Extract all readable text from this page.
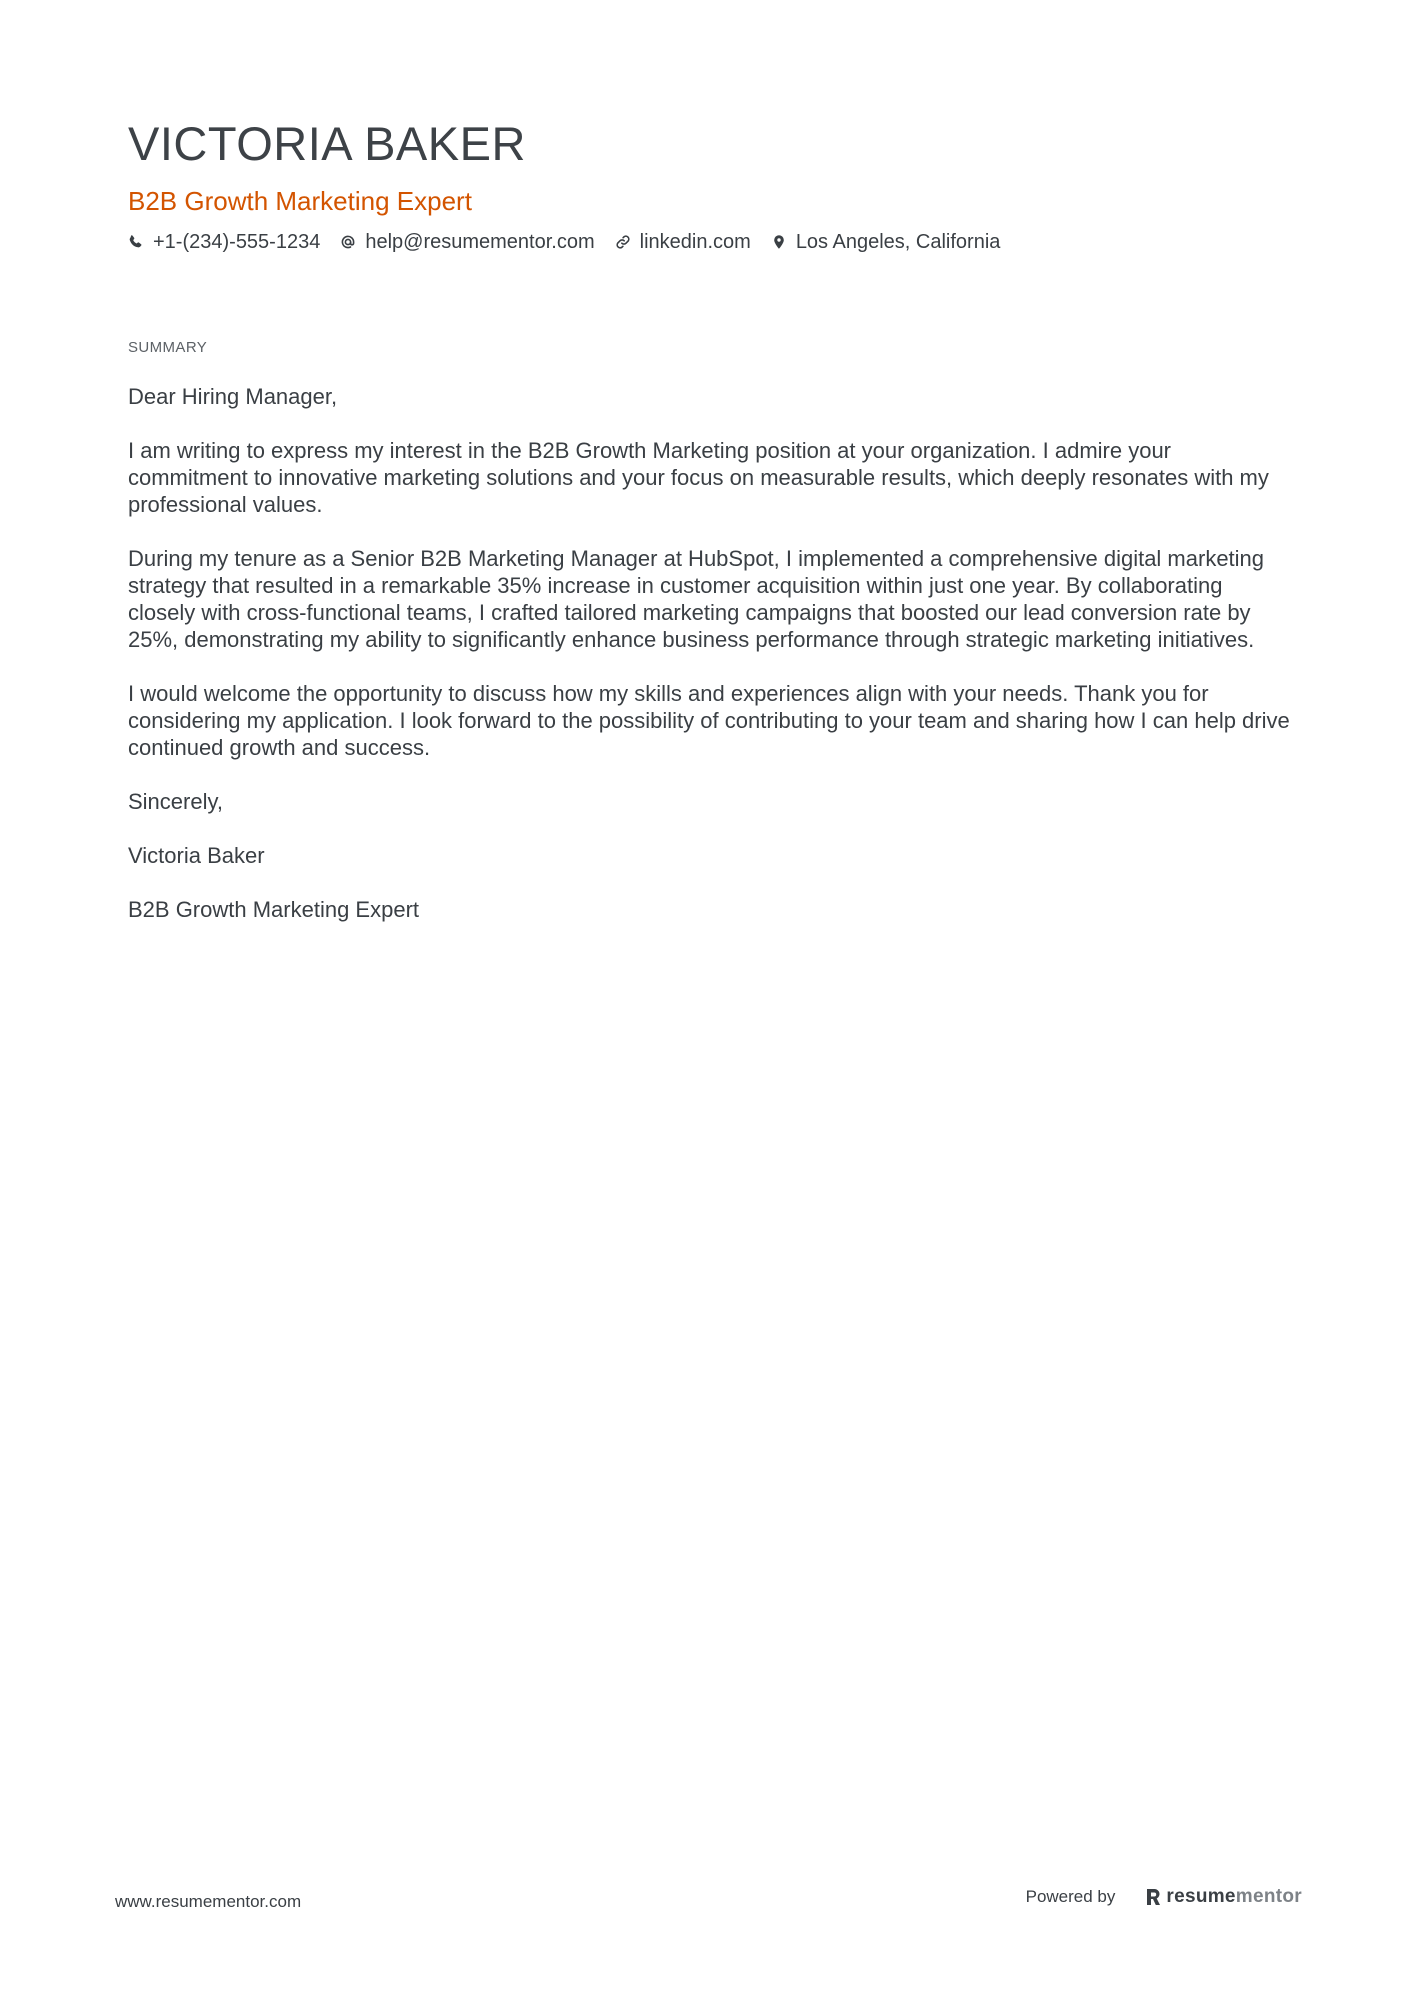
VICTORIA BAKER
B2B Growth Marketing Expert
+1-(234)-555-1234 help@resumementor.com linkedin.com Los Angeles, California
SUMMARY

Dear Hiring Manager,

I am writing to express my interest in the B2B Growth Marketing position at your organization. I admire your commitment to innovative marketing solutions and your focus on measurable results, which deeply resonates with my professional values.

During my tenure as a Senior B2B Marketing Manager at HubSpot, I implemented a comprehensive digital marketing strategy that resulted in a remarkable 35% increase in customer acquisition within just one year. By collaborating closely with cross-functional teams, I crafted tailored marketing campaigns that boosted our lead conversion rate by 25%, demonstrating my ability to significantly enhance business performance through strategic marketing initiatives.

I would welcome the opportunity to discuss how my skills and experiences align with your needs. Thank you for considering my application. I look forward to the possibility of contributing to your team and sharing how I can help drive continued growth and success.

Sincerely,

Victoria Baker

B2B Growth Marketing Expert

www.resumementor.com	Powered by	resume mentor
